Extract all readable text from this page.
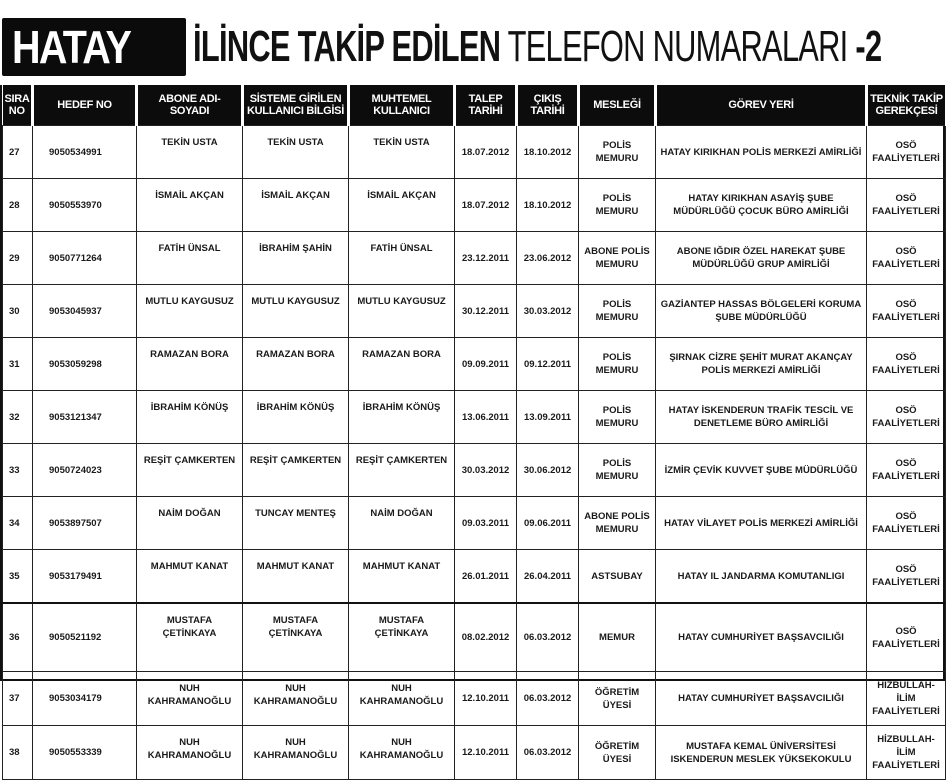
HATAY İLİNCE TAKİP EDİLEN TELEFON NUMARALARI -2
SIRA NO	HEDEF NO	ABONE ADI-SOYADI	SİSTEME GİRİLEN KULLANICI BİLGİSİ	MUHTEMEL KULLANICI	TALEP TARİHİ	ÇIKIŞ TARİHİ	MESLEĞİ	GÖREV YERİ	TEKNİK TAKİP GEREKÇESİ
27	9050534991	TEKİN USTA	TEKİN USTA	TEKİN USTA	18.07.2012	18.10.2012	POLİS MEMURU	HATAY KIRIKHAN POLİS MERKEZİ AMİRLİĞİ	OSÖ FAALİYETLERİ
28	9050553970	İSMAİL AKÇAN	İSMAİL AKÇAN	İSMAİL AKÇAN	18.07.2012	18.10.2012	POLİS MEMURU	HATAY KIRIKHAN ASAYİŞ ŞUBE MÜDÜRLÜĞÜ ÇOCUK BÜRO AMİRLİĞİ	OSÖ FAALİYETLERİ
29	9050771264	FATİH ÜNSAL	İBRAHİM ŞAHİN	FATİH ÜNSAL	23.12.2011	23.06.2012	ABONE POLİS MEMURU	ABONE IĞDIR ÖZEL HAREKAT ŞUBE MÜDÜRLÜĞÜ GRUP AMİRLİĞİ	OSÖ FAALİYETLERİ
30	9053045937	MUTLU KAYGUSUZ	MUTLU KAYGUSUZ	MUTLU KAYGUSUZ	30.12.2011	30.03.2012	POLİS MEMURU	GAZİANTEP HASSAS BÖLGELERİ KORUMA ŞUBE MÜDÜRLÜĞÜ	OSÖ FAALİYETLERİ
31	9053059298	RAMAZAN BORA	RAMAZAN BORA	RAMAZAN BORA	09.09.2011	09.12.2011	POLİS MEMURU	ŞIRNAK CİZRE ŞEHİT MURAT AKANÇAY POLİS MERKEZİ AMİRLİĞİ	OSÖ FAALİYETLERİ
32	9053121347	İBRAHİM KÖNÜŞ	İBRAHİM KÖNÜŞ	İBRAHİM KÖNÜŞ	13.06.2011	13.09.2011	POLİS MEMURU	HATAY İSKENDERUN TRAFİK TESCİL VE DENETLEME BÜRO AMİRLİĞİ	OSÖ FAALİYETLERİ
33	9050724023	REŞİT ÇAMKERTEN	REŞİT ÇAMKERTEN	REŞİT ÇAMKERTEN	30.03.2012	30.06.2012	POLİS MEMURU	İZMİR ÇEVİK KUVVET ŞUBE MÜDÜRLÜĞÜ	OSÖ FAALİYETLERİ
34	9053897507	NAİM DOĞAN	TUNCAY MENTEŞ	NAİM DOĞAN	09.03.2011	09.06.2011	ABONE POLİS MEMURU	HATAY VİLAYET POLİS MERKEZİ AMİRLİĞİ	OSÖ FAALİYETLERİ
35	9053179491	MAHMUT KANAT	MAHMUT KANAT	MAHMUT KANAT	26.01.2011	26.04.2011	ASTSUBAY	HATAY IL JANDARMA KOMUTANLIGI	OSÖ FAALİYETLERİ
36	9050521192	MUSTAFA ÇETİNKAYA	MUSTAFA ÇETİNKAYA	MUSTAFA ÇETİNKAYA	08.02.2012	06.03.2012	MEMUR	HATAY CUMHURİYET BAŞSAVCILIĞI	OSÖ FAALİYETLERİ
37	9053034179	NUH KAHRAMANOĞLU	NUH KAHRAMANOĞLU	NUH KAHRAMANOĞLU	12.10.2011	06.03.2012	ÖĞRETİM ÜYESİ	HATAY CUMHURİYET BAŞSAVCILIĞI	HİZBULLAH-İLİM FAALİYETLERİ
38	9050553339	NUH KAHRAMANOĞLU	NUH KAHRAMANOĞLU	NUH KAHRAMANOĞLU	12.10.2011	06.03.2012	ÖĞRETİM ÜYESİ	MUSTAFA KEMAL ÜNİVERSİTESİ ISKENDERUN MESLEK YÜKSEKOKULU	HİZBULLAH-İLİM FAALİYETLERİ
